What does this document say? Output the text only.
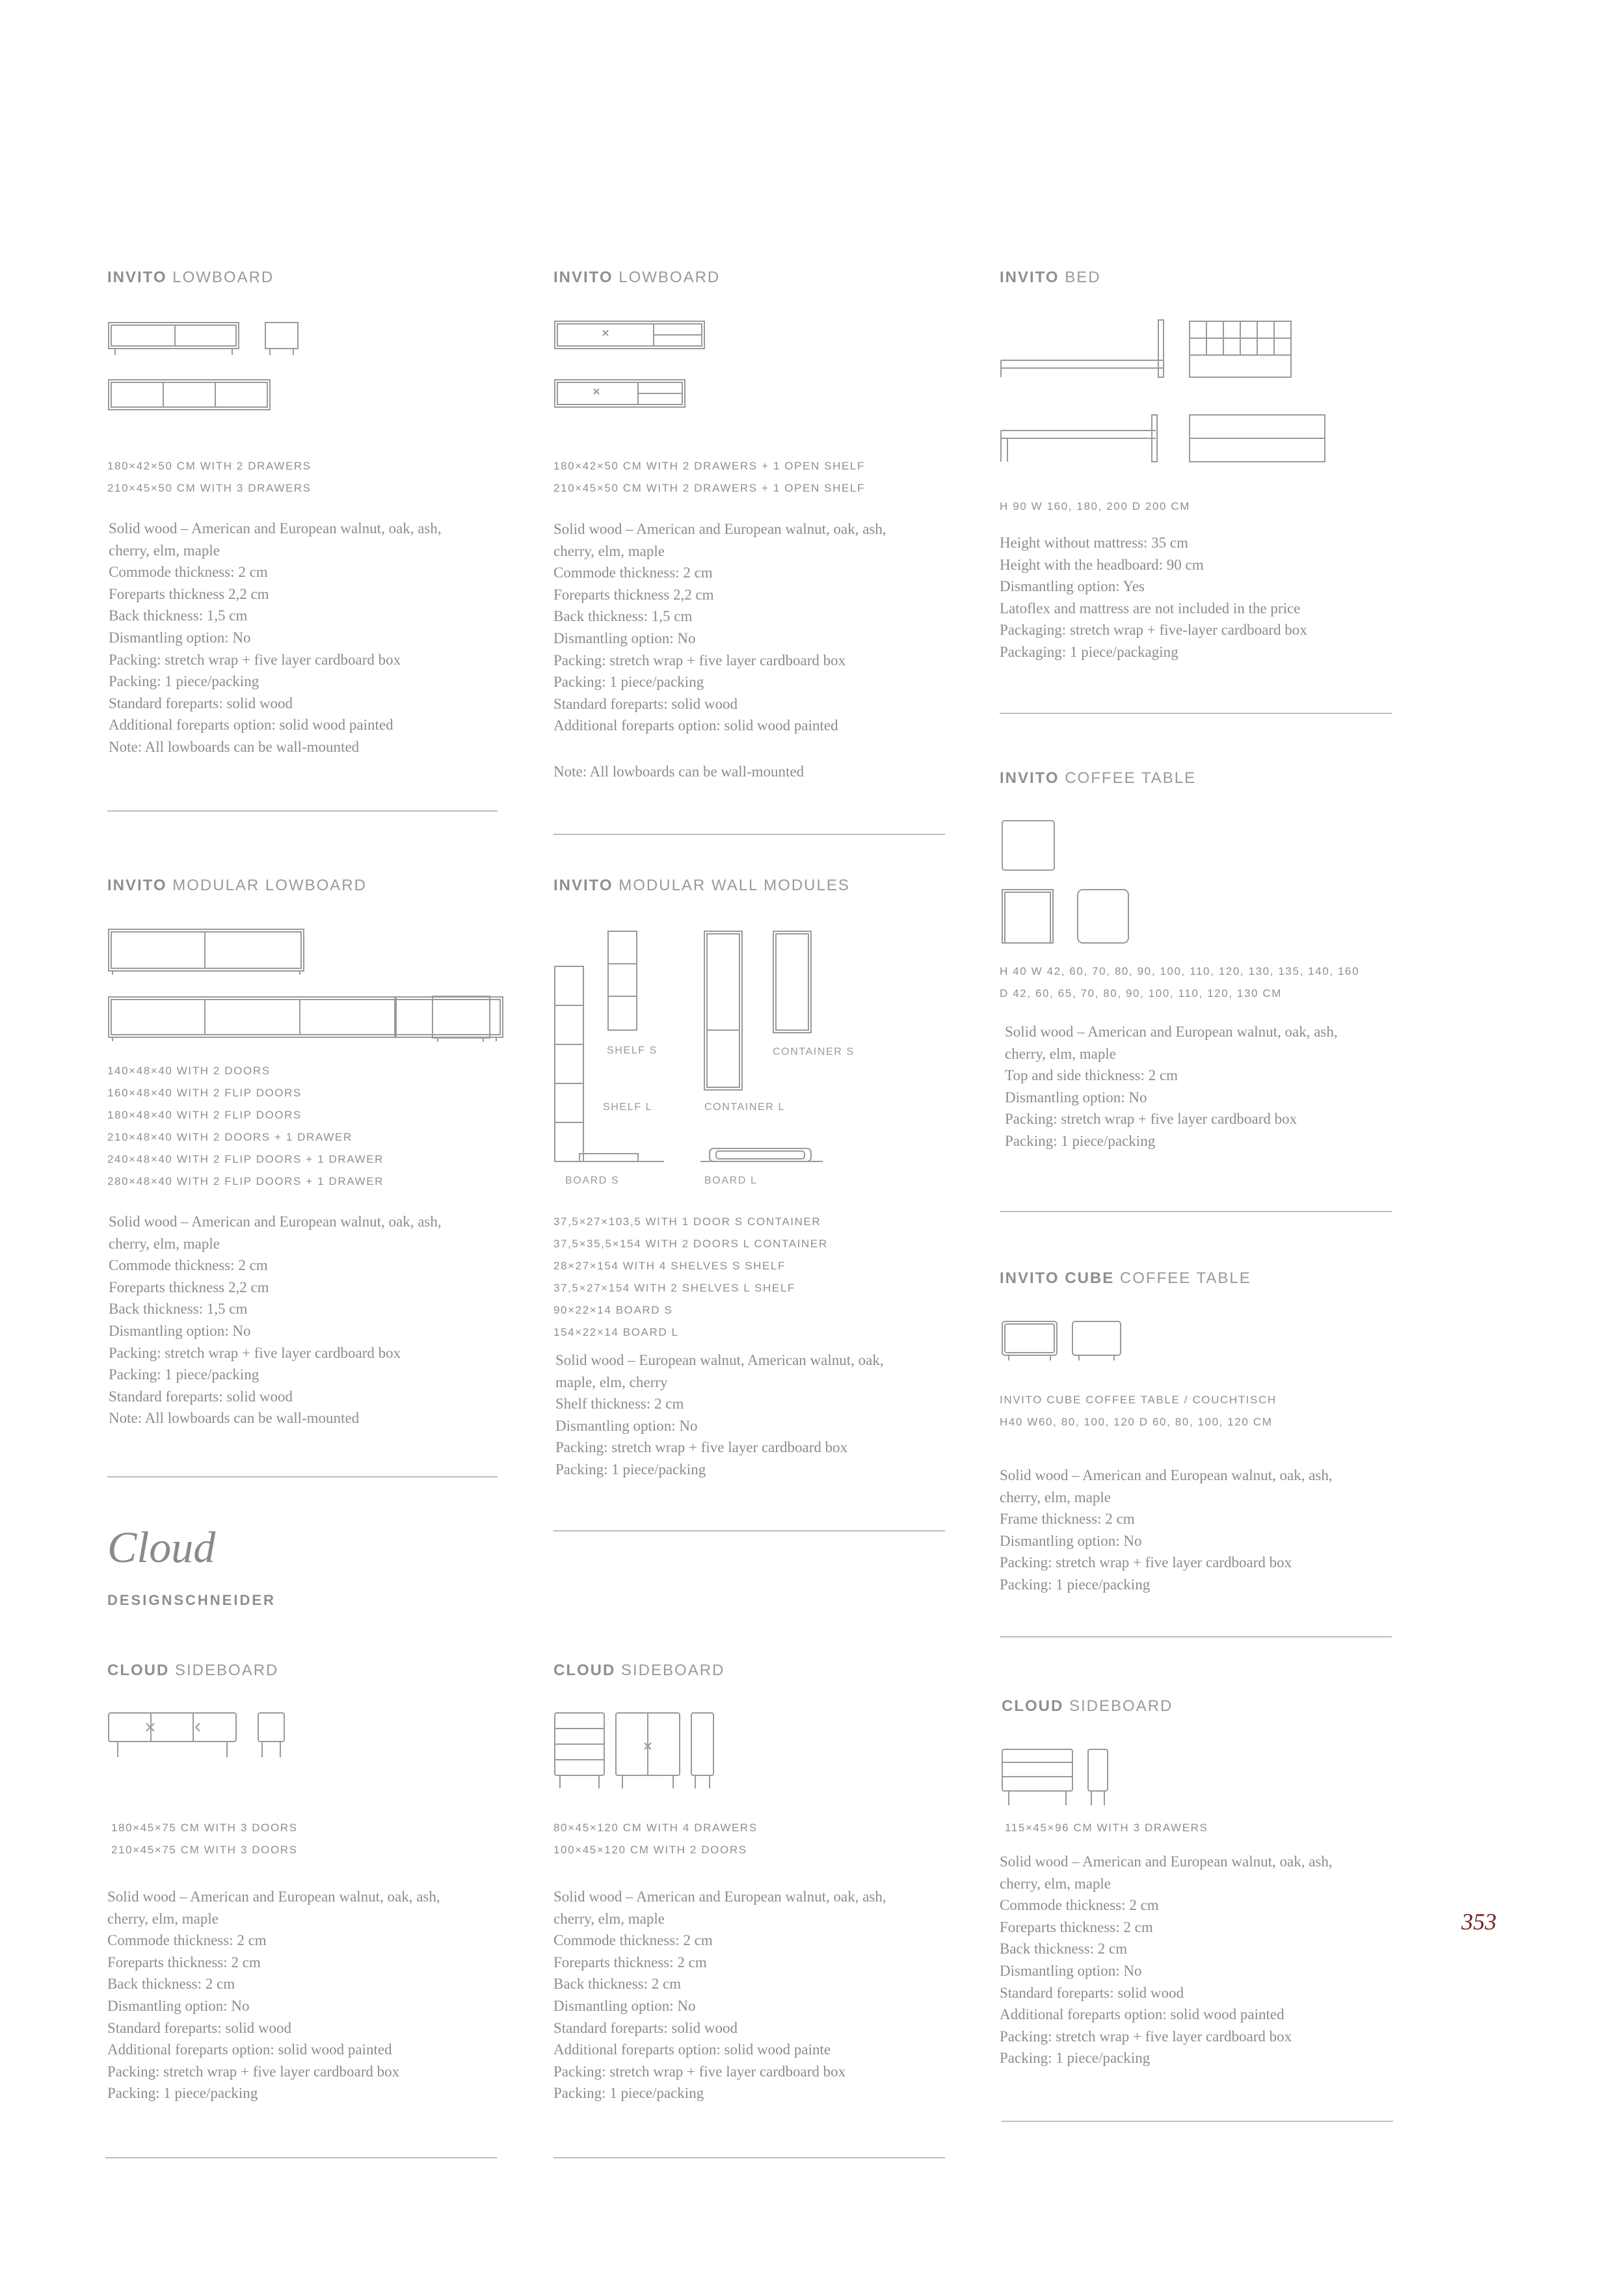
INVITO LOWBOARD
180×42×50 CM WITH 2 DRAWERS
210×45×50 CM WITH 3 DRAWERS
Solid wood – American and European walnut, oak, ash,
cherry, elm, maple
Commode thickness: 2 cm
Foreparts thickness 2,2 cm
Back thickness: 1,5 cm
Dismantling option: No
Packing: stretch wrap + five layer cardboard box
Packing: 1 piece/packing
Standard foreparts: solid wood
Additional foreparts option: solid wood painted
Note: All lowboards can be wall-mounted
INVITO MODULAR LOWBOARD
140×48×40 WITH 2 DOORS
160×48×40 WITH 2 FLIP DOORS
180×48×40 WITH 2 FLIP DOORS
210×48×40 WITH 2 DOORS + 1 DRAWER
240×48×40 WITH 2 FLIP DOORS + 1 DRAWER
280×48×40 WITH 2 FLIP DOORS + 1 DRAWER
Solid wood – American and European walnut, oak, ash,
cherry, elm, maple
Commode thickness: 2 cm
Foreparts thickness 2,2 cm
Back thickness: 1,5 cm
Dismantling option: No
Packing: stretch wrap + five layer cardboard box
Packing: 1 piece/packing
Standard foreparts: solid wood
Note: All lowboards can be wall-mounted
Cloud
DESIGNSCHNEIDER
CLOUD SIDEBOARD
180×45×75 CM WITH 3 DOORS
210×45×75 CM WITH 3 DOORS
Solid wood – American and European walnut, oak, ash,
cherry, elm, maple
Commode thickness: 2 cm
Foreparts thickness: 2 cm
Back thickness: 2 cm
Dismantling option: No
Standard foreparts: solid wood
Additional foreparts option: solid wood painted
Packing: stretch wrap + five layer cardboard box
Packing: 1 piece/packing
INVITO LOWBOARD
180×42×50 CM WITH 2 DRAWERS + 1 OPEN SHELF
210×45×50 CM WITH 2 DRAWERS + 1 OPEN SHELF
Solid wood – American and European walnut, oak, ash,
cherry, elm, maple
Commode thickness: 2 cm
Foreparts thickness 2,2 cm
Back thickness: 1,5 cm
Dismantling option: No
Packing: stretch wrap + five layer cardboard box
Packing: 1 piece/packing
Standard foreparts: solid wood
Additional foreparts option: solid wood painted
Note: All lowboards can be wall-mounted
INVITO MODULAR WALL MODULES
SHELF S	CONTAINER S
SHELF L	CONTAINER L
BOARD S	BOARD L
37,5×27×103,5 WITH 1 DOOR S CONTAINER
37,5×35,5×154 WITH 2 DOORS L CONTAINER
28×27×154 WITH 4 SHELVES S SHELF
37,5×27×154 WITH 2 SHELVES L SHELF
90×22×14 BOARD S
154×22×14 BOARD L
Solid wood – European walnut, American walnut, oak,
maple, elm, cherry
Shelf thickness: 2 cm
Dismantling option: No
Packing: stretch wrap + five layer cardboard box
Packing: 1 piece/packing
CLOUD SIDEBOARD
80×45×120 CM WITH 4 DRAWERS
100×45×120 CM WITH 2 DOORS
Solid wood – American and European walnut, oak, ash,
cherry, elm, maple
Commode thickness: 2 cm
Foreparts thickness: 2 cm
Back thickness: 2 cm
Dismantling option: No
Standard foreparts: solid wood
Additional foreparts option: solid wood painte
Packing: stretch wrap + five layer cardboard box
Packing: 1 piece/packing
INVITO BED
H 90 W 160, 180, 200 D 200 CM
Height without mattress: 35 cm
Height with the headboard: 90 cm
Dismantling option: Yes
Latoflex and mattress are not included in the price
Packaging: stretch wrap + five-layer cardboard box
Packaging: 1 piece/packaging
INVITO COFFEE TABLE
H 40 W 42, 60, 70, 80, 90, 100, 110, 120, 130, 135, 140, 160
D 42, 60, 65, 70, 80, 90, 100, 110, 120, 130 CM
Solid wood – American and European walnut, oak, ash,
cherry, elm, maple
Top and side thickness: 2 cm
Dismantling option: No
Packing: stretch wrap + five layer cardboard box
Packing: 1 piece/packing
INVITO CUBE COFFEE TABLE
INVITO CUBE COFFEE TABLE / COUCHTISCH
H40 W60, 80, 100, 120 D 60, 80, 100, 120 CM
Solid wood – American and European walnut, oak, ash,
cherry, elm, maple
Frame thickness: 2 cm
Dismantling option: No
Packing: stretch wrap + five layer cardboard box
Packing: 1 piece/packing
CLOUD SIDEBOARD
115×45×96 CM WITH 3 DRAWERS
Solid wood – American and European walnut, oak, ash,
cherry, elm, maple
Commode thickness: 2 cm
Foreparts thickness: 2 cm
Back thickness: 2 cm
Dismantling option: No
Standard foreparts: solid wood
Additional foreparts option: solid wood painted
Packing: stretch wrap + five layer cardboard box
Packing: 1 piece/packing
353
